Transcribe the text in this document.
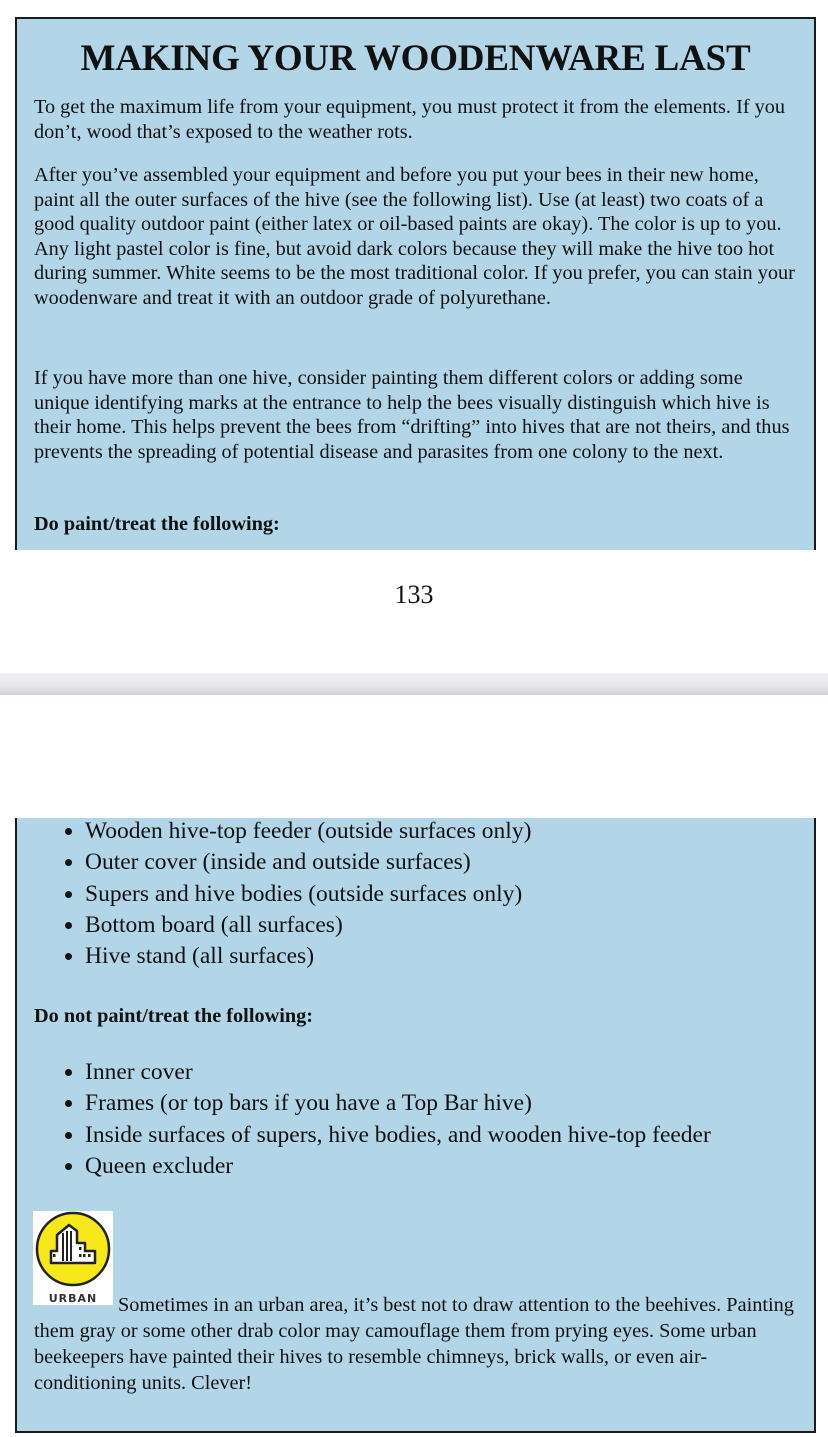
MAKING YOUR WOODENWARE LAST

To get the maximum life from your equipment, you must protect it from the elements. If you don’t, wood that’s exposed to the weather rots.

After you’ve assembled your equipment and before you put your bees in their new home, paint all the outer surfaces of the hive (see the following list). Use (at least) two coats of a good quality outdoor paint (either latex or oil-based paints are okay). The color is up to you. Any light pastel color is fine, but avoid dark colors because they will make the hive too hot during summer. White seems to be the most traditional color. If you prefer, you can stain your woodenware and treat it with an outdoor grade of polyurethane.

If you have more than one hive, consider painting them different colors or adding some unique identifying marks at the entrance to help the bees visually distinguish which hive is their home. This helps prevent the bees from “drifting” into hives that are not theirs, and thus prevents the spreading of potential disease and parasites from one colony to the next.

Do paint/treat the following:

133
• Wooden hive-top feeder (outside surfaces only)
• Outer cover (inside and outside surfaces)
• Supers and hive bodies (outside surfaces only)
• Bottom board (all surfaces)
• Hive stand (all surfaces)

Do not paint/treat the following:

• Inner cover
• Frames (or top bars if you have a Top Bar hive)
• Inside surfaces of supers, hive bodies, and wooden hive-top feeder
• Queen excluder

Sometimes in an urban area, it’s best not to draw attention to the beehives. Painting them gray or some other drab color may camouflage them from prying eyes. Some urban beekeepers have painted their hives to resemble chimneys, brick walls, or even air-conditioning units. Clever!

URBAN
